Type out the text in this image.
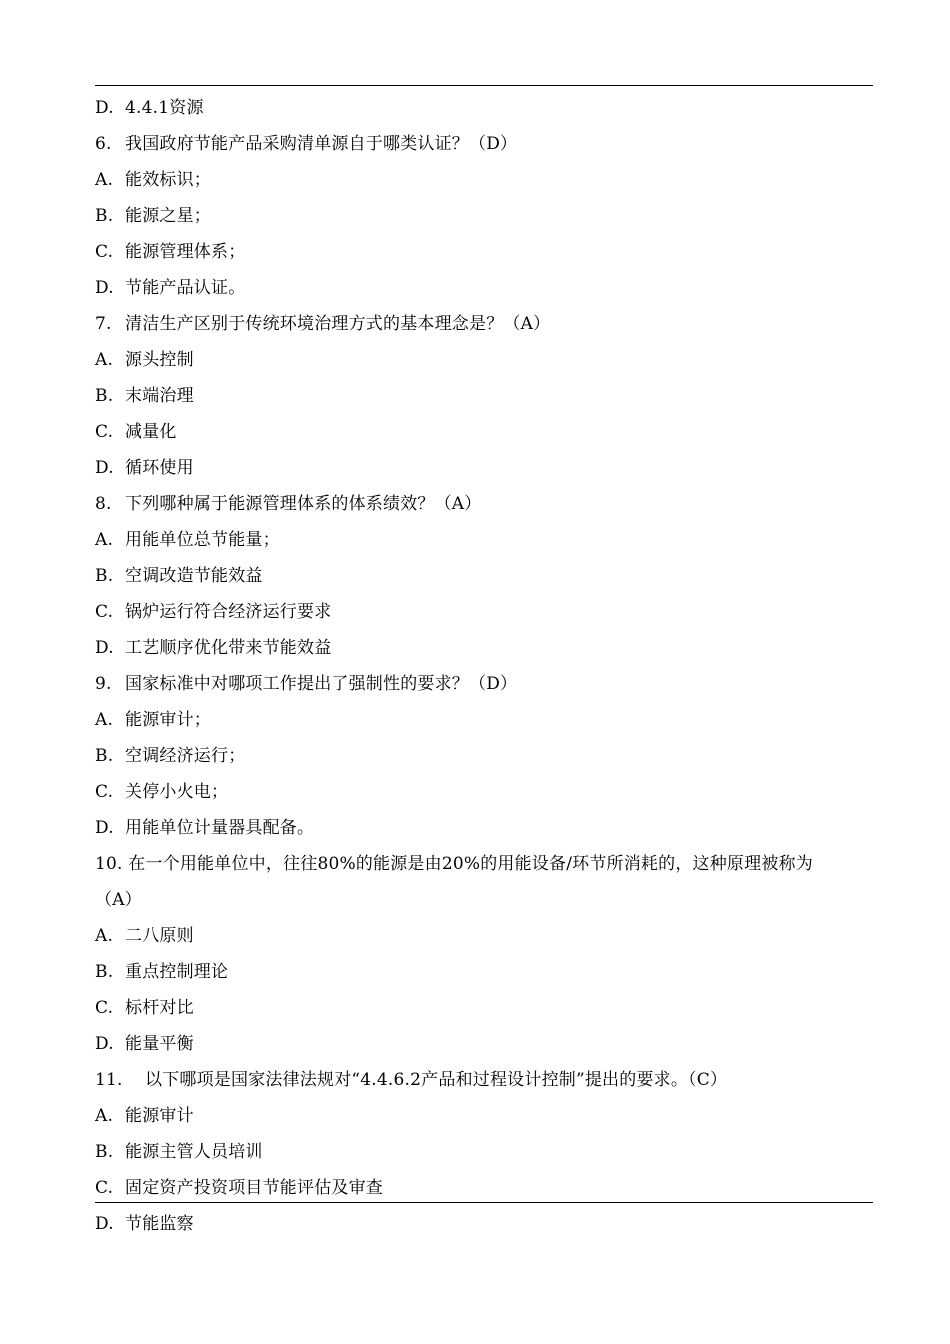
D. 4.4.1资源
6. 我国政府节能产品采购清单源自于哪类认证？（D）
A. 能效标识；
B. 能源之星；
C. 能源管理体系；
D. 节能产品认证。
7. 清洁生产区别于传统环境治理方式的基本理念是？（A）
A. 源头控制
B. 末端治理
C. 减量化
D. 循环使用
8. 下列哪种属于能源管理体系的体系绩效？（A）
A. 用能单位总节能量；
B. 空调改造节能效益
C. 锅炉运行符合经济运行要求
D. 工艺顺序优化带来节能效益
9. 国家标准中对哪项工作提出了强制性的要求？（D）
A. 能源审计；
B. 空调经济运行；
C. 关停小火电；
D. 用能单位计量器具配备。
10. 在一个用能单位中，往往80%的能源是由20%的用能设备/环节所消耗的，这种原理被称为
（A）
A. 二八原则
B. 重点控制理论
C. 标杆对比
D. 能量平衡
11. 以下哪项是国家法律法规对“4.4.6.2产品和过程设计控制”提出的要求。（C）
A. 能源审计
B. 能源主管人员培训
C. 固定资产投资项目节能评估及审查
D. 节能监察
